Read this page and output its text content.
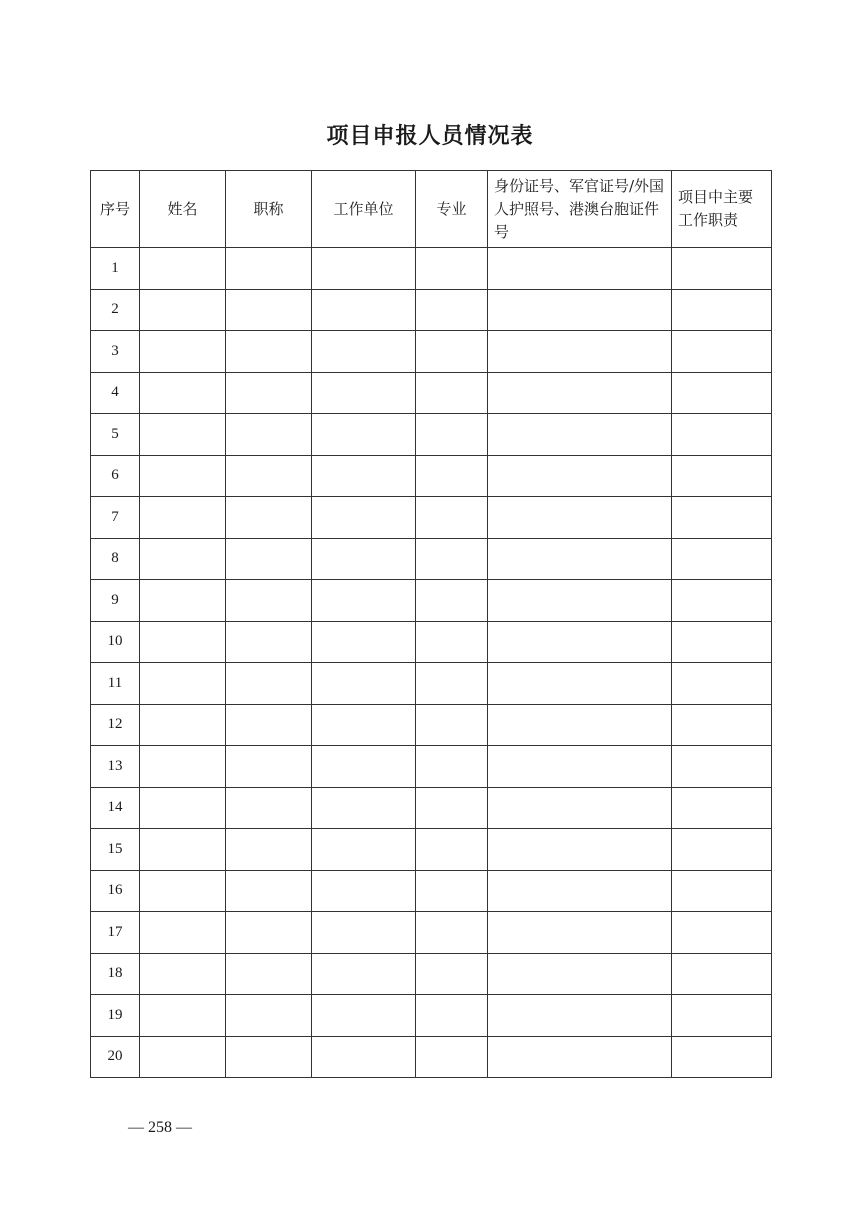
项目申报人员情况表
序号	姓名	职称	工作单位	专业	身份证号、军官证号/外国人护照号、港澳台胞证件号	项目中主要工作职责
1						
2						
3						
4						
5						
6						
7						
8						
9						
10						
11						
12						
13						
14						
15						
16						
17						
18						
19						
20						
— 258 —
